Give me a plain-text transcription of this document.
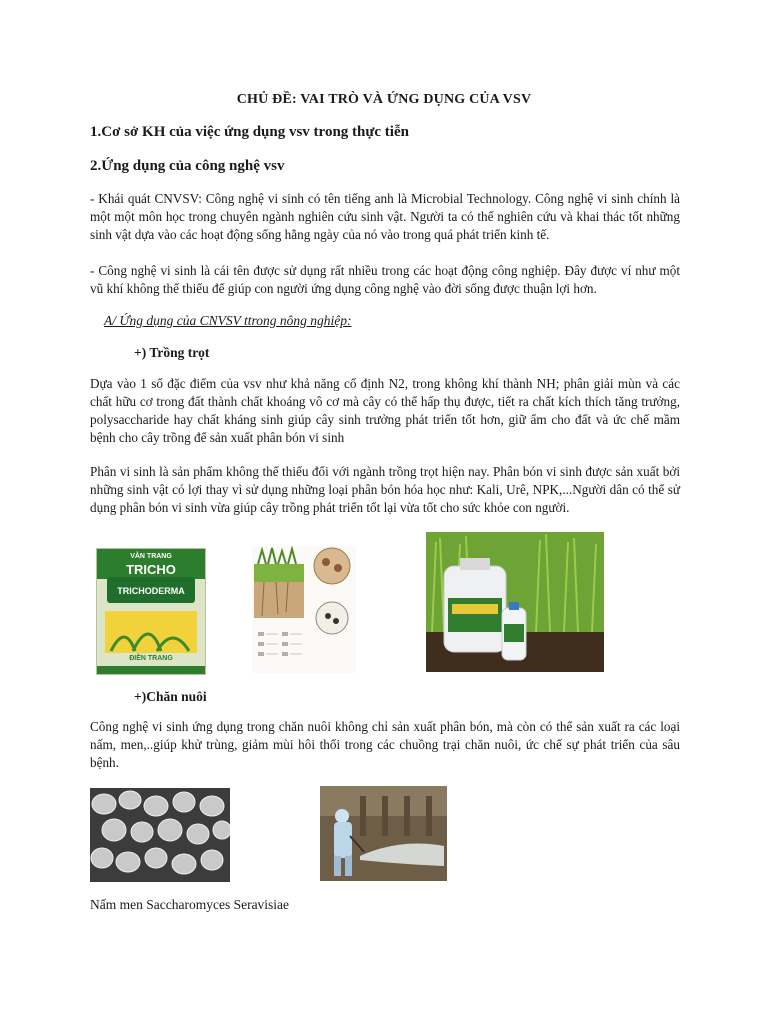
CHỦ ĐỀ: VAI TRÒ VÀ ỨNG DỤNG CỦA VSV
1.Cơ sở KH của việc ứng dụng vsv trong thực tiễn
2.Ứng dụng của công nghệ vsv
- Khái quát CNVSV: Công nghệ vi sinh có tên tiếng anh là Microbial Technology. Công nghệ vi sinh chính là một một môn học trong chuyên ngành nghiên cứu sinh vật. Người ta có thể nghiên cứu và khai thác tốt những sinh vật dựa vào các hoạt động sống hằng ngày của nó vào trong quá phát triển kinh tế.
- Công nghệ vi sinh là cái tên được sử dụng rất nhiều trong các hoạt động công nghiệp. Đây được ví như một vũ khí không thể thiếu để giúp con người ứng dụng công nghệ vào đời sống được thuận lợi hơn.
A/ Ứng dụng của CNVSV ttrong nông nghiệp:
+) Trồng trọt
Dựa vào 1 số đặc điểm của vsv như khả năng cố định N2, trong không khí thành NH; phân giải mùn và các chất hữu cơ trong đất thành chất khoáng vô cơ mà cây có thể hấp thụ được, tiết ra chất kích thích tăng trưởng, polysaccharide hay chất kháng sinh giúp cây sinh trưởng phát triển tốt hơn, giữ ẩm cho đất và ức chế mầm bệnh cho cây trồng để sản xuất phân bón vi sinh
Phân vi sinh là sản phẩm không thể thiếu đối với ngành trồng trọt hiện nay. Phân bón vi sinh được sản xuất bởi những sinh vật có lợi thay vì sử dụng những loại phân bón hóa học như: Kali, Urê, NPK,...Người dân có thể sử dụng phân bón vi sinh vừa giúp cây trồng phát triển tốt lại vừa tốt cho sức khỏe con người.
VĂN TRANG
TRICHO
TRICHODERMA
ĐIỀN TRANG
+)Chăn nuôi
Công nghệ vi sinh ứng dụng trong chăn nuôi không chỉ sản xuất phân bón, mà còn có thể sản xuất ra các loại nấm, men,..giúp khử trùng, giảm mùi hôi thối trong các chuồng trại chăn nuôi, ức chế sự phát triển của sâu bệnh.
Nấm men Saccharomyces Seravisiae
